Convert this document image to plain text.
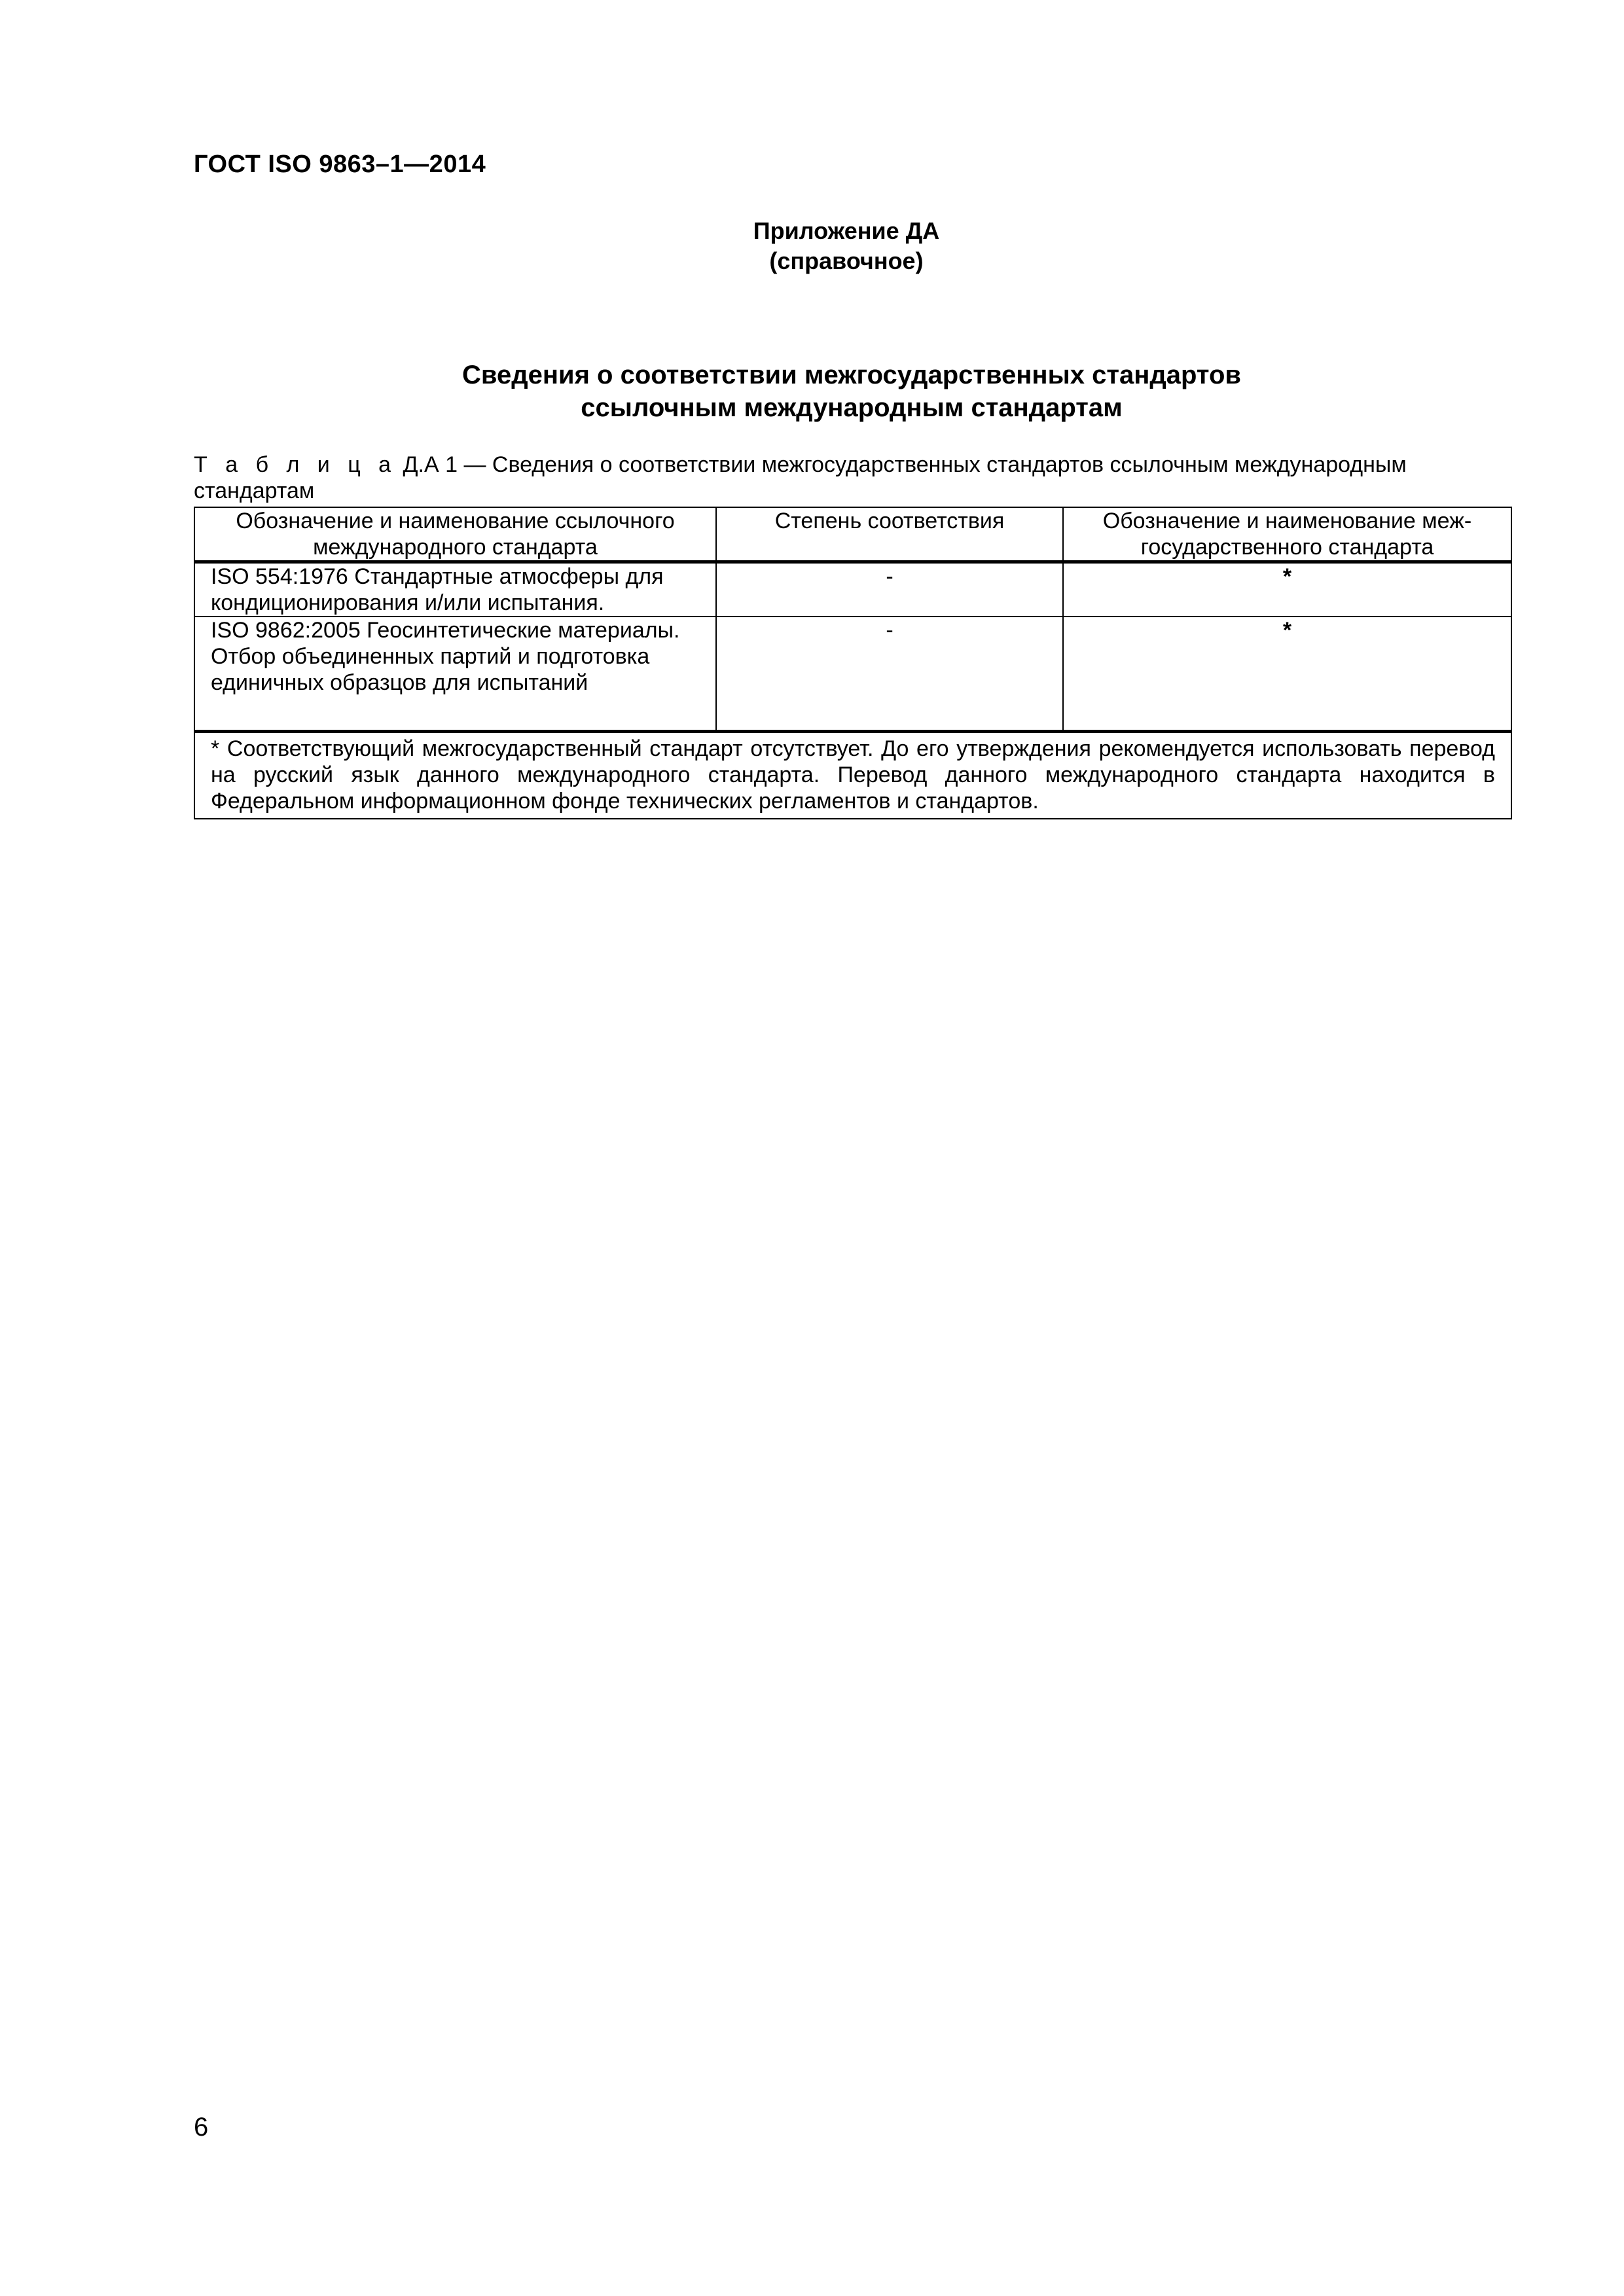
ГОСТ ISO 9863–1—2014
Приложение ДА
(справочное)
Сведения о соответствии межгосударственных стандартов
ссылочным международным стандартам
Т а б л и ц а Д.А 1 — Сведения о соответствии межгосударственных стандартов ссылочным международным стандартам
Обозначение и наименование ссылочного международного стандарта	Степень соответствия	Обозначение и наименование меж-государственного стандарта
ISO 554:1976 Стандартные атмосферы для кондиционирования и/или испытания.	-	*
ISO 9862:2005 Геосинтетические материалы. Отбор объединенных партий и подготовка единичных образцов для испытаний	-	*
* Соответствующий межгосударственный стандарт отсутствует. До его утверждения рекомендуется использовать перевод на русский язык данного международного стандарта. Перевод данного международного стандарта находится в Федеральном информационном фонде технических регламентов и стандартов.		
6
